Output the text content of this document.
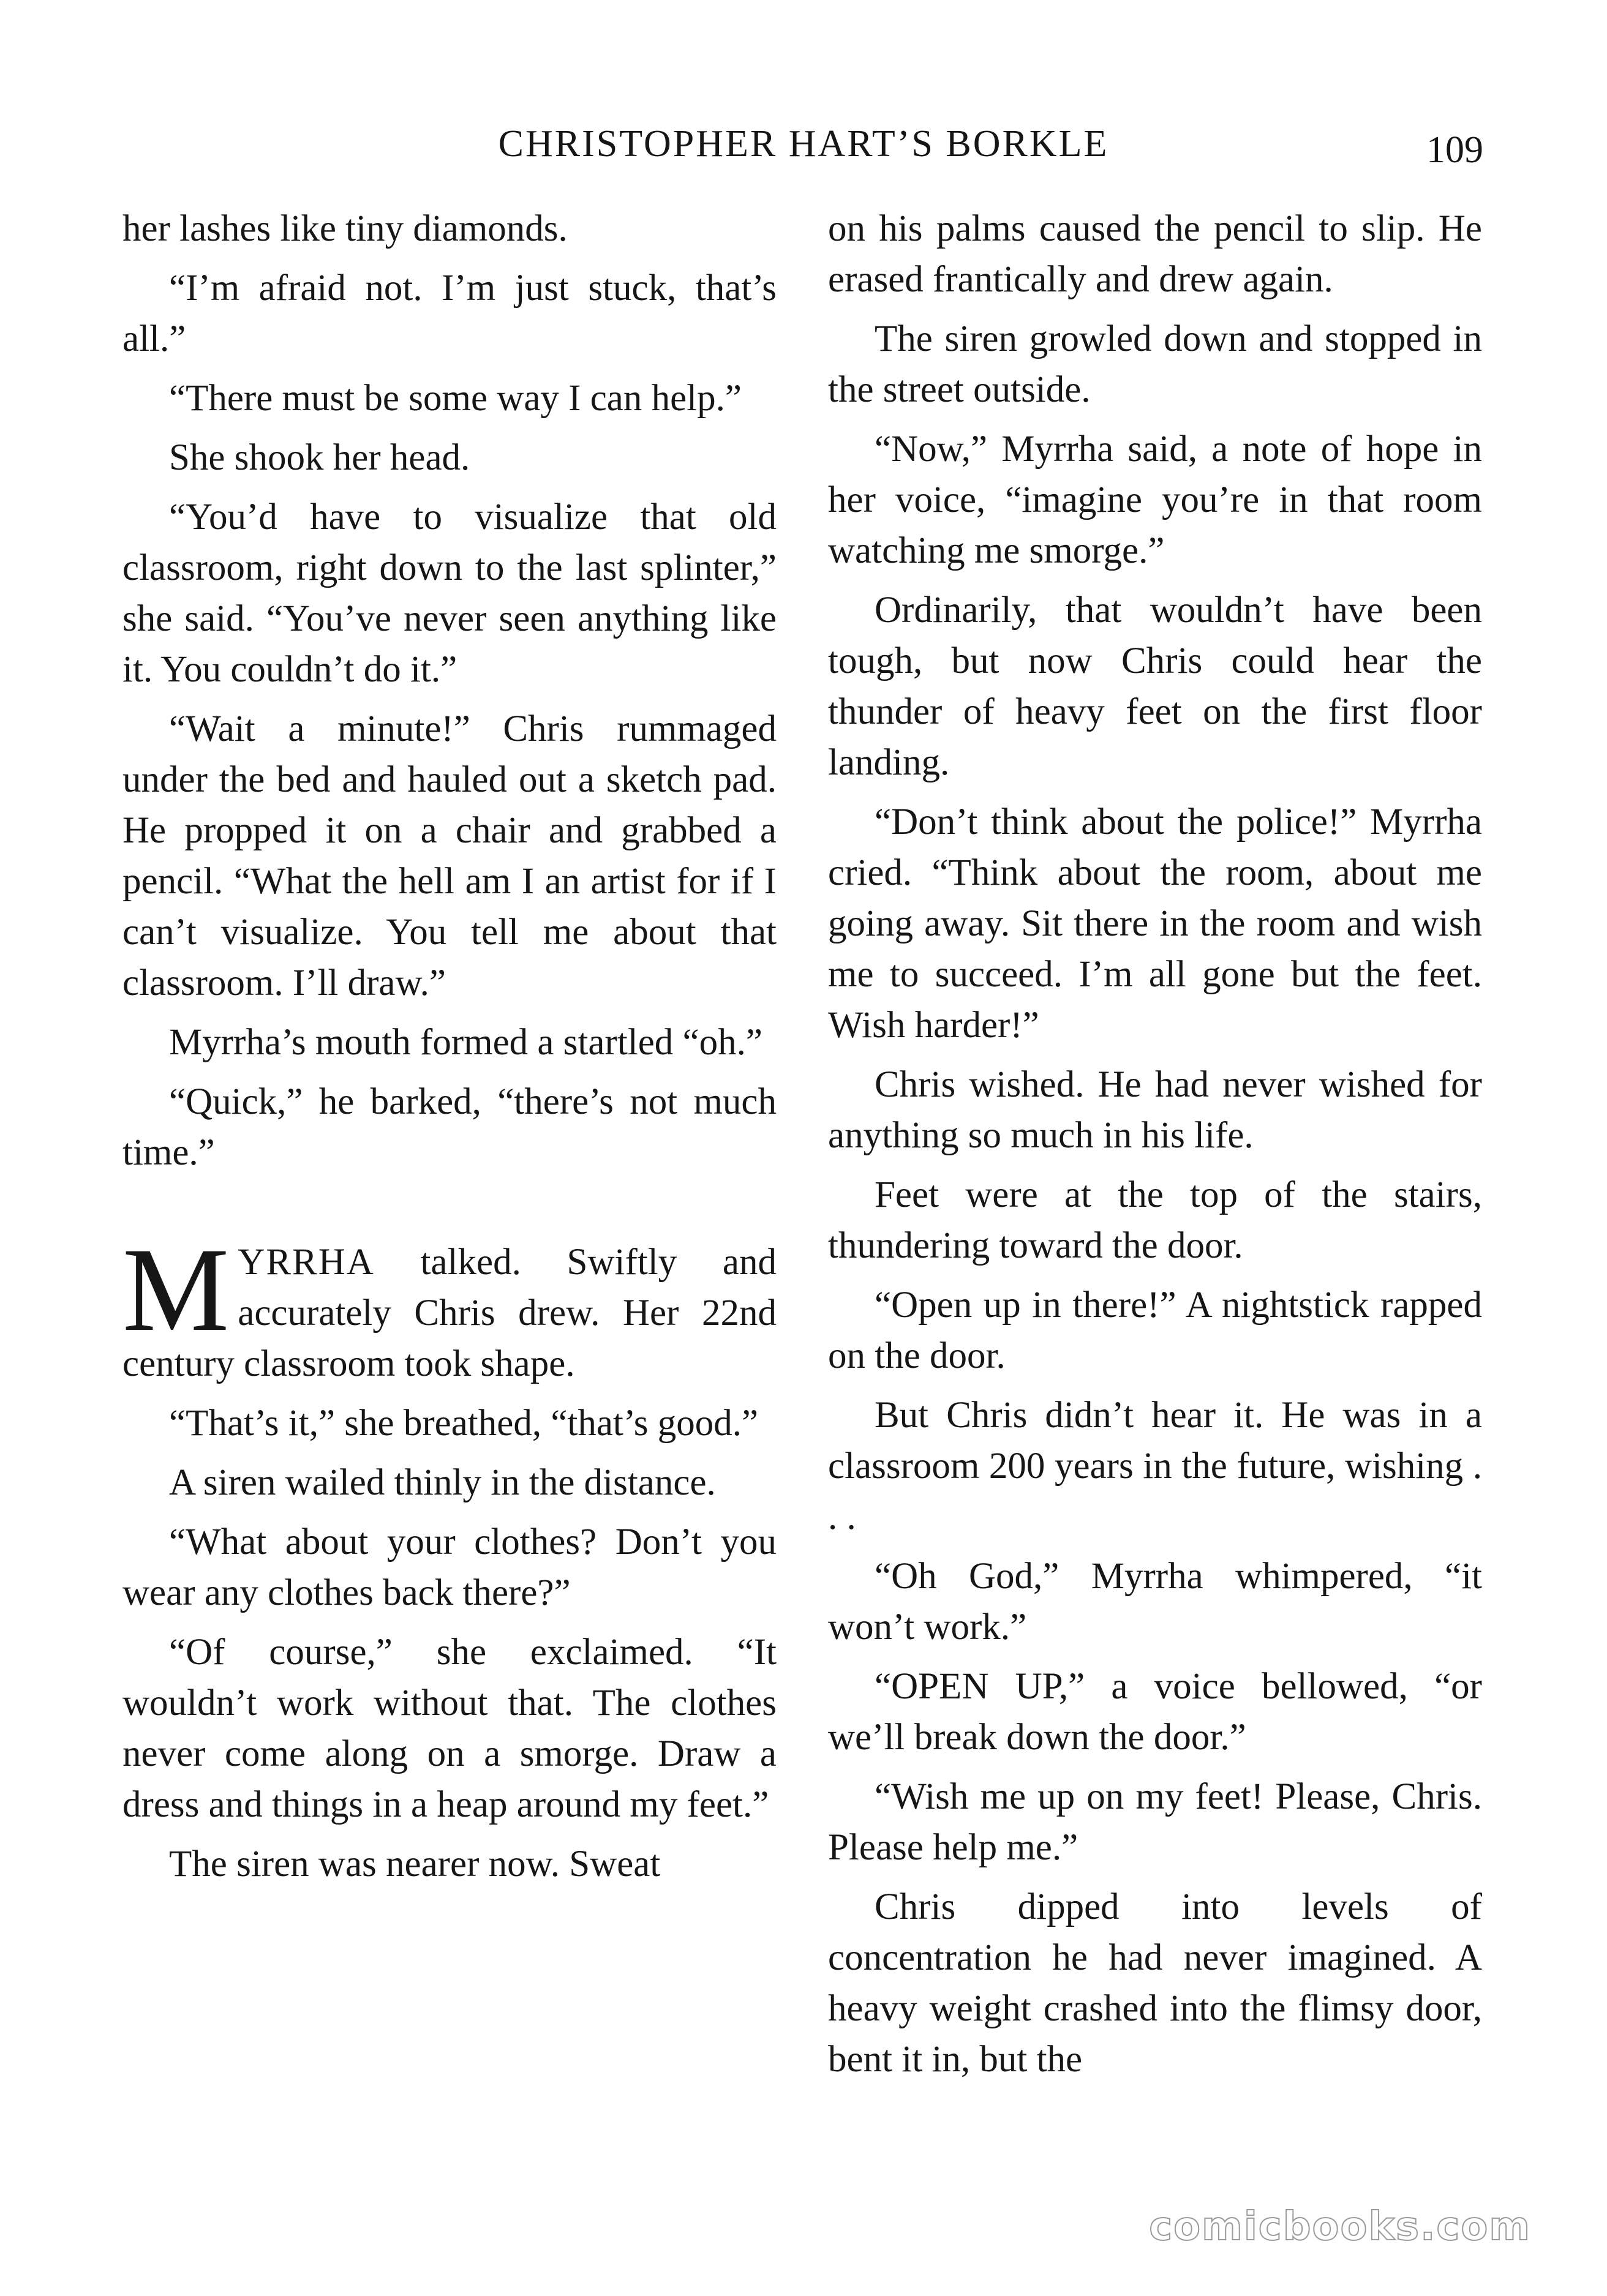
CHRISTOPHER HART’S BORKLE	109

her lashes like tiny diamonds.

“I’m afraid not. I’m just stuck, that’s all.”

“There must be some way I can help.”

She shook her head.

“You’d have to visualize that old classroom, right down to the last splinter,” she said. “You’ve never seen anything like it. You couldn’t do it.”

“Wait a minute!” Chris rummaged under the bed and hauled out a sketch pad. He propped it on a chair and grabbed a pencil. “What the hell am I an artist for if I can’t visualize. You tell me about that classroom. I’ll draw.”

Myrrha’s mouth formed a startled “oh.”

“Quick,” he barked, “there’s not much time.”

MYRRHA talked. Swiftly and accurately Chris drew. Her 22nd century classroom took shape.

“That’s it,” she breathed, “that’s good.”

A siren wailed thinly in the distance.

“What about your clothes? Don’t you wear any clothes back there?”

“Of course,” she exclaimed. “It wouldn’t work without that. The clothes never come along on a smorge. Draw a dress and things in a heap around my feet.”

The siren was nearer now. Sweat

on his palms caused the pencil to slip. He erased frantically and drew again.

The siren growled down and stopped in the street outside.

“Now,” Myrrha said, a note of hope in her voice, “imagine you’re in that room watching me smorge.”

Ordinarily, that wouldn’t have been tough, but now Chris could hear the thunder of heavy feet on the first floor landing.

“Don’t think about the police!” Myrrha cried. “Think about the room, about me going away. Sit there in the room and wish me to succeed. I’m all gone but the feet. Wish harder!”

Chris wished. He had never wished for anything so much in his life.

Feet were at the top of the stairs, thundering toward the door.

“Open up in there!” A nightstick rapped on the door.

But Chris didn’t hear it. He was in a classroom 200 years in the future, wishing . . .

“Oh God,” Myrrha whimpered, “it won’t work.”

“OPEN UP,” a voice bellowed, “or we’ll break down the door.”

“Wish me up on my feet! Please, Chris. Please help me.”

Chris dipped into levels of concentration he had never imagined. A heavy weight crashed into the flimsy door, bent it in, but the

comicbooks.com
